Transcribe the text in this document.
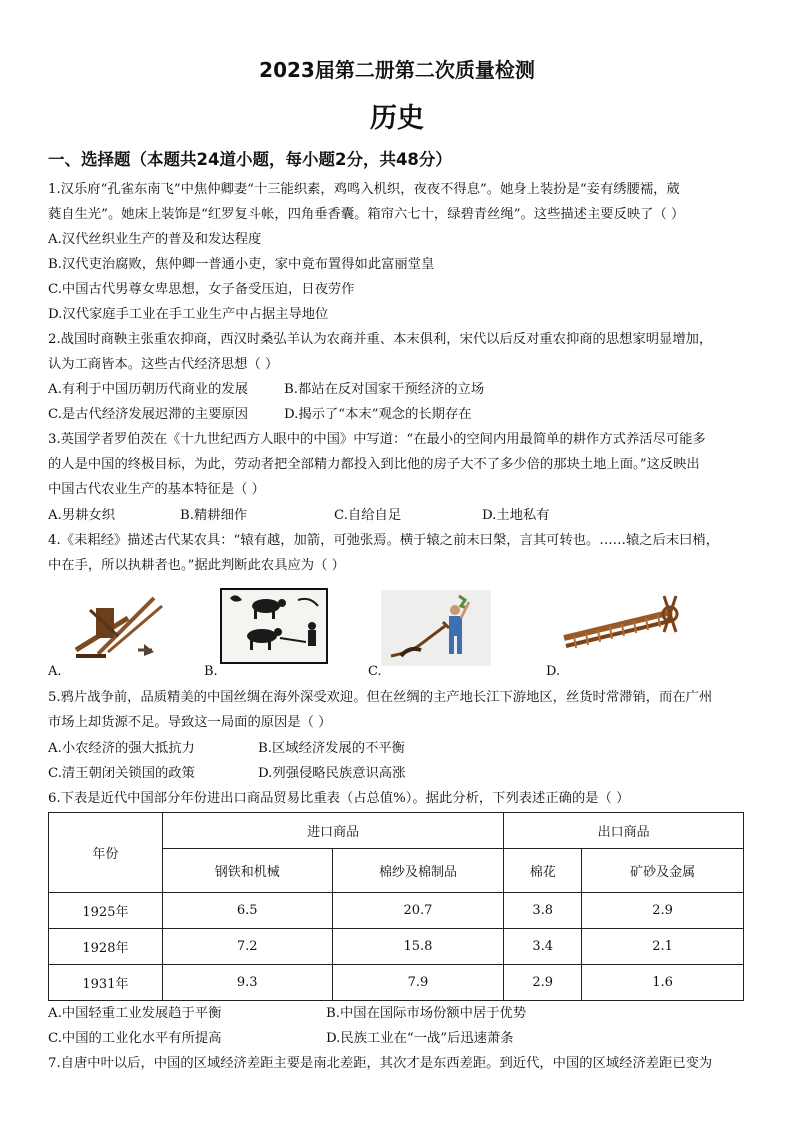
2023届第二册第二次质量检测
历史
一、选择题（本题共24道小题，每小题2分，共48分）
1.汉乐府“孔雀东南飞”中焦仲卿妻“十三能织素，鸡鸣入机织，夜夜不得息”。她身上装扮是“妾有绣腰襦，葳
蕤自生光”。她床上装饰是“红罗复斗帐，四角垂香囊。箱帘六七十，绿碧青丝绳”。这些描述主要反映了（ ）
A.汉代丝织业生产的普及和发达程度
B.汉代吏治腐败，焦仲卿一普通小吏，家中竟布置得如此富丽堂皇
C.中国古代男尊女卑思想，女子备受压迫，日夜劳作
D.汉代家庭手工业在手工业生产中占据主导地位
2.战国时商鞅主张重农抑商，西汉时桑弘羊认为农商并重、本末俱利，宋代以后反对重农抑商的思想家明显增加，
认为工商皆本。这些古代经济思想（ ）
A.有利于中国历朝历代商业的发展	B.都站在反对国家干预经济的立场
C.是古代经济发展迟滞的主要原因	D.揭示了“本末”观念的长期存在
3.英国学者罗伯茨在《十九世纪西方人眼中的中国》中写道：“在最小的空间内用最简单的耕作方式养活尽可能多
的人是中国的终极目标，为此，劳动者把全部精力都投入到比他的房子大不了多少倍的那块土地上面。”这反映出
中国古代农业生产的基本特征是（ ）
A.男耕女织	B.精耕细作	C.自给自足	D.土地私有
4.《耒耜经》描述古代某农具：“辕有越，加箭，可弛张焉。横于辕之前末曰槃，言其可转也。……辕之后末曰梢，
中在手，所以执耕者也。”据此判断此农具应为（ ）
A.	B.	C.	D.
5.鸦片战争前，品质精美的中国丝绸在海外深受欢迎。但在丝绸的主产地长江下游地区，丝货时常滞销，而在广州
市场上却货源不足。导致这一局面的原因是（ ）
A.小农经济的强大抵抗力	B.区域经济发展的不平衡
C.清王朝闭关锁国的政策	D.列强侵略民族意识高涨
6.下表是近代中国部分年份进出口商品贸易比重表（占总值%）。据此分析，下列表述正确的是（ ）
年份	进口商品		出口商品	
	钢铁和机械	棉纱及棉制品	棉花	矿砂及金属
1925年	6.5	20.7	3.8	2.9
1928年	7.2	15.8	3.4	2.1
1931年	9.3	7.9	2.9	1.6
A.中国轻重工业发展趋于平衡	B.中国在国际市场份额中居于优势
C.中国的工业化水平有所提高	D.民族工业在“一战”后迅速萧条
7.自唐中叶以后，中国的区域经济差距主要是南北差距，其次才是东西差距。到近代，中国的区域经济差距已变为
